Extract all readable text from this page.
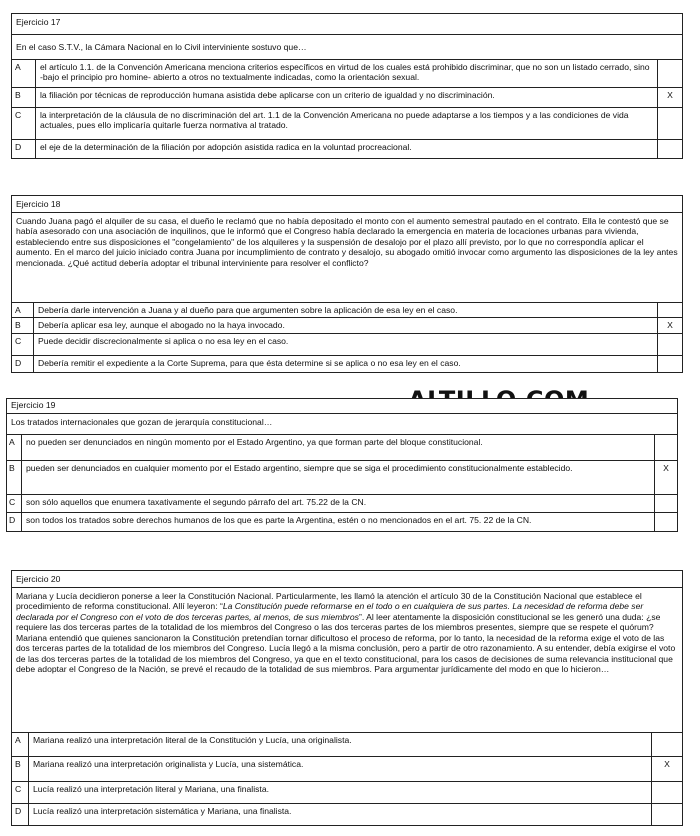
Ejercicio 17
En el caso S.T.V., la Cámara Nacional en lo Civil interviniente sostuvo que…
A	el artículo 1.1. de la Convención Americana menciona criterios específicos en virtud de los cuales está prohibido discriminar, que no son un listado cerrado, sino -bajo el principio pro homine- abierto a otros no textualmente indicadas, como la orientación sexual.
B	la filiación por técnicas de reproducción humana asistida debe aplicarse con un criterio de igualdad y no discriminación.	X
C	la interpretación de la cláusula de no discriminación del art. 1.1 de la Convención Americana no puede adaptarse a los tiempos y a las condiciones de vida actuales, pues ello implicaría quitarle fuerza normativa al tratado.
D	el eje de la determinación de la filiación por adopción asistida radica en la voluntad procreacional.
Ejercicio 18
Cuando Juana pagó el alquiler de su casa, el dueño le reclamó que no había depositado el monto con el aumento semestral pautado en el contrato. Ella le contestó que se había asesorado con una asociación de inquilinos, que le informó que el Congreso había declarado la emergencia en materia de locaciones urbanas para vivienda, estableciendo entre sus disposiciones el "congelamiento" de los alquileres y la suspensión de desalojo por el plazo allí previsto, por lo que no correspondía aplicar el aumento. En el marco del juicio iniciado contra Juana por incumplimiento de contrato y desalojo, su abogado omitió invocar como argumento las disposiciones de la ley antes mencionada. ¿Qué actitud debería adoptar el tribunal interviniente para resolver el conflicto?
A	Debería darle intervención a Juana y al dueño para que argumenten sobre la aplicación de esa ley en el caso.
B	Debería aplicar esa ley, aunque el abogado no la haya invocado.	X
C	Puede decidir discrecionalmente si aplica o no esa ley en el caso.
D	Debería remitir el expediente a la Corte Suprema, para que ésta determine si se aplica o no esa ley en el caso.
Ejercicio 19
Los tratados internacionales que gozan de jerarquía constitucional…
A	no pueden ser denunciados en ningún momento por el Estado Argentino, ya que forman parte del bloque constitucional.
B	pueden ser denunciados en cualquier momento por el Estado argentino, siempre que se siga el procedimiento constitucionalmente establecido.	X
C	son sólo aquellos que enumera taxativamente el segundo párrafo del art. 75.22 de la CN.
D	son todos los tratados sobre derechos humanos de los que es parte la Argentina, estén o no mencionados en el art. 75. 22 de la CN.
Ejercicio 20
Mariana y Lucía decidieron ponerse a leer la Constitución Nacional. Particularmente, les llamó la atención el artículo 30 de la Constitución Nacional que establece el procedimiento de reforma constitucional. Allí leyeron: “La Constitución puede reformarse en el todo o en cualquiera de sus partes. La necesidad de reforma debe ser declarada por el Congreso con el voto de dos terceras partes, al menos, de sus miembros”. Al leer atentamente la disposición constitucional se les generó una duda: ¿se requiere las dos terceras partes de la totalidad de los miembros del Congreso o las dos terceras partes de los miembros presentes, siempre que se respete el quórum? Mariana entendió que quienes sancionaron la Constitución pretendían tornar dificultoso el proceso de reforma, por lo tanto, la necesidad de la reforma exige el voto de las dos terceras partes de la totalidad de los miembros del Congreso. Lucía llegó a la misma conclusión, pero a partir de otro razonamiento. A su entender, debía exigirse el voto de las dos terceras partes de la totalidad de los miembros del Congreso, ya que en el texto constitucional, para los casos de decisiones de suma relevancia institucional que debe adoptar el Congreso de la Nación, se prevé el recaudo de la totalidad de sus miembros. Para argumentar jurídicamente del modo en que lo hicieron…
A	Mariana realizó una interpretación literal de la Constitución y Lucía, una originalista.
B	Mariana realizó una interpretación originalista y Lucía, una sistemática.	X
C	Lucía realizó una interpretación literal y Mariana, una finalista.
D	Lucía realizó una interpretación sistemática y Mariana, una finalista.
